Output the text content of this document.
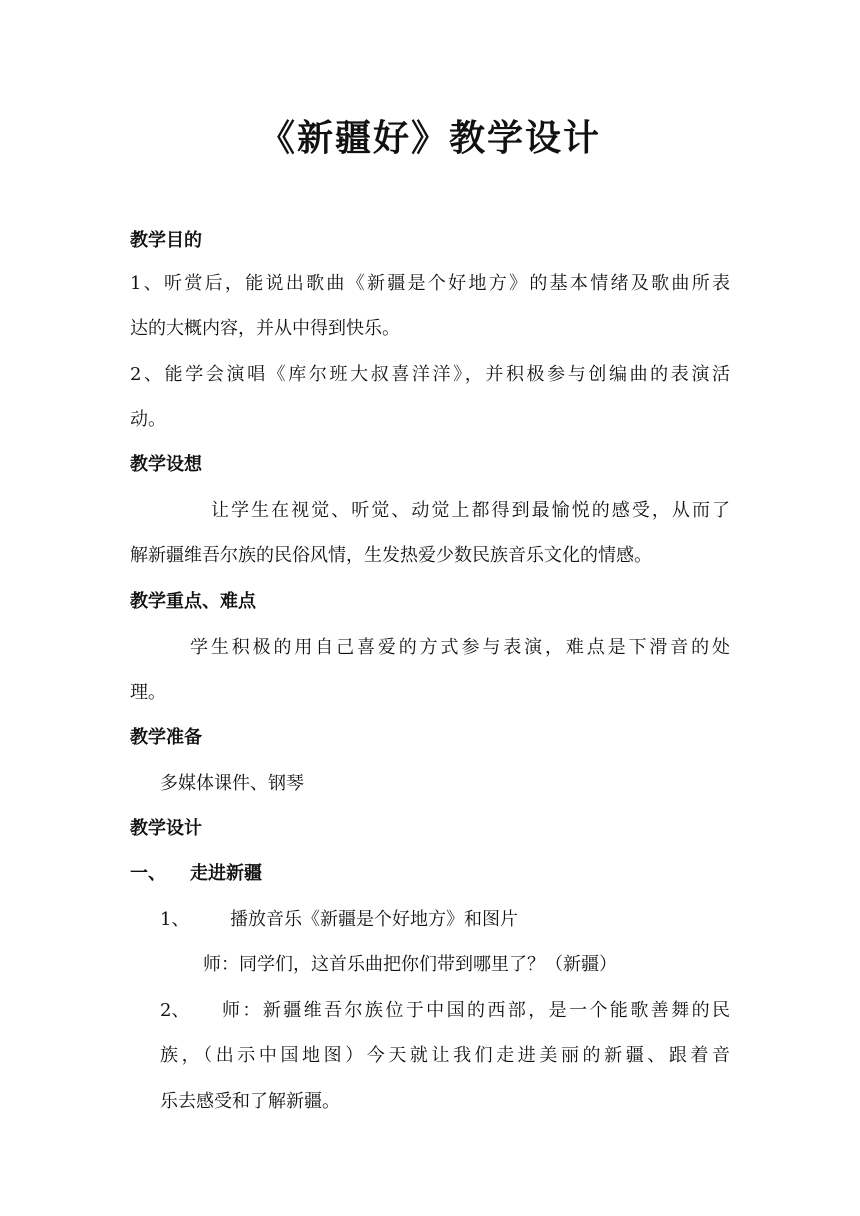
《新疆好》教学设计
教学目的
1、听赏后，能说出歌曲《新疆是个好地方》的基本情绪及歌曲所表
达的大概内容，并从中得到快乐。
2、能学会演唱《库尔班大叔喜洋洋》，并积极参与创编曲的表演活
动。
教学设想
让学生在视觉、听觉、动觉上都得到最愉悦的感受，从而了
解新疆维吾尔族的民俗风情，生发热爱少数民族音乐文化的情感。
教学重点、难点
学生积极的用自己喜爱的方式参与表演，难点是下滑音的处
理。
教学准备
多媒体课件、钢琴
教学设计
一、 走进新疆
1、 播放音乐《新疆是个好地方》和图片
师：同学们，这首乐曲把你们带到哪里了？（新疆）
2、 师：新疆维吾尔族位于中国的西部，是一个能歌善舞的民
族，（出示中国地图）今天就让我们走进美丽的新疆、跟着音
乐去感受和了解新疆。
